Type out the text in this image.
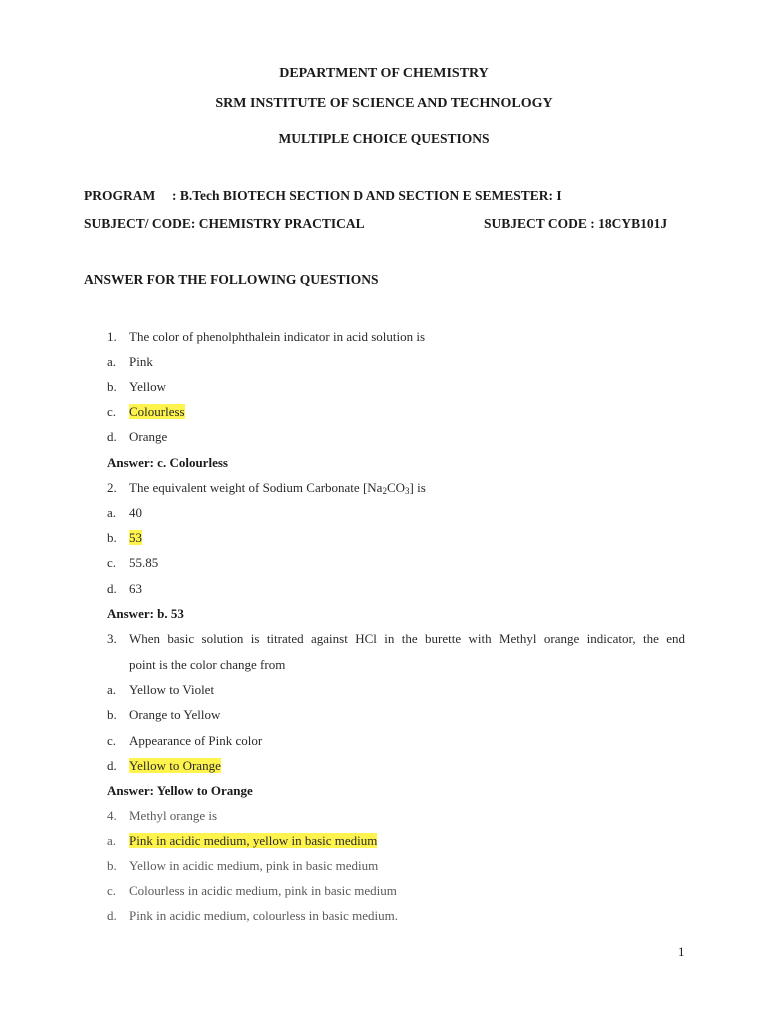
DEPARTMENT OF CHEMISTRY
SRM INSTITUTE OF SCIENCE AND TECHNOLOGY
MULTIPLE CHOICE QUESTIONS
PROGRAM : B.Tech BIOTECH SECTION D AND SECTION E SEMESTER: I
SUBJECT/ CODE: CHEMISTRY PRACTICAL	SUBJECT CODE : 18CYB101J
ANSWER FOR THE FOLLOWING QUESTIONS
1. The color of phenolphthalein indicator in acid solution is
a. Pink
b. Yellow
c. Colourless
d. Orange
Answer: c. Colourless
2. The equivalent weight of Sodium Carbonate $[Na_2CO_3]$ is
a. 40
b. 53
c. 55.85
d. 63
Answer: b. 53
3. When basic solution is titrated against HCl in the burette with Methyl orange indicator, the end
point is the color change from
a. Yellow to Violet
b. Orange to Yellow
c. Appearance of Pink color
d. Yellow to Orange
Answer: Yellow to Orange
4. Methyl orange is
a. Pink in acidic medium, yellow in basic medium
b. Yellow in acidic medium, pink in basic medium
c. Colourless in acidic medium, pink in basic medium
d. Pink in acidic medium, colourless in basic medium.
1
